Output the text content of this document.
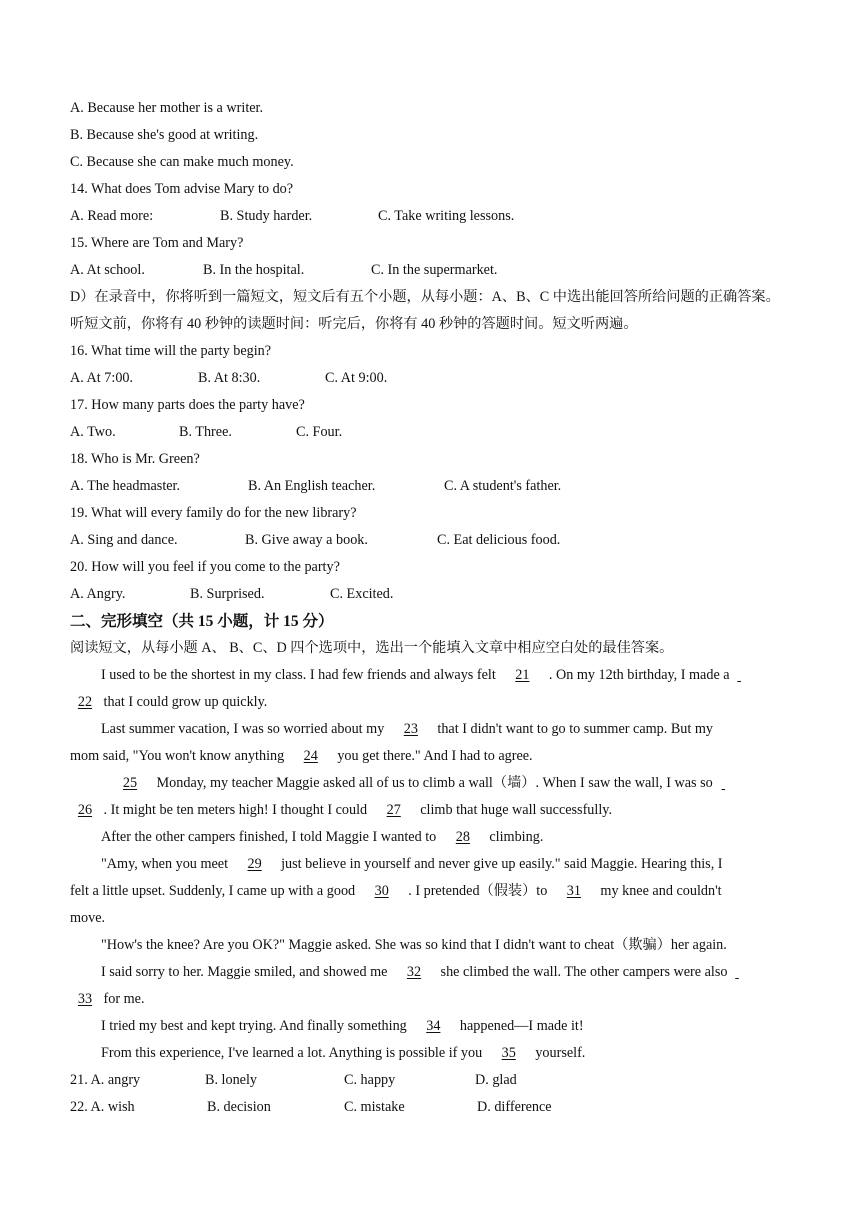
A. Because her mother is a writer.
B. Because she's good at writing.
C. Because she can make much money.
14. What does Tom advise Mary to do?
A. Read more:	B. Study harder.	C. Take writing lessons.
15. Where are Tom and Mary?
A. At school.	B. In the hospital.	C. In the supermarket.
D）在录音中，你将听到一篇短文，短文后有五个小题，从每小题：A、B、C 中选出能回答所给问题的正确答案。
听短文前，你将有 40 秒钟的读题时间：听完后，你将有 40 秒钟的答题时间。短文听两遍。
16. What time will the party begin?
A. At 7:00.	B. At 8:30.	C. At 9:00.
17. How many parts does the party have?
A. Two.	B. Three.	C. Four.
18. Who is Mr. Green?
A. The headmaster.	B. An English teacher.	C. A student's father.
19. What will every family do for the new library?
A. Sing and dance.	B. Give away a book.	C. Eat delicious food.
20. How will you feel if you come to the party?
A. Angry.	B. Surprised.	C. Excited.
二、完形填空（共 15 小题，计 15 分）
阅读短文，从每小题 A、 B、C、D 四个选项中，选出一个能填入文章中相应空白处的最佳答案。
I used to be the shortest in my class. I had few friends and always felt 21 . On my 12th birthday, I made a
22 that I could grow up quickly.
Last summer vacation, I was so worried about my 23 that I didn't want to go to summer camp. But my
mom said, "You won't know anything 24 you get there." And I had to agree.
25 Monday, my teacher Maggie asked all of us to climb a wall（墙）. When I saw the wall, I was so
26 . It might be ten meters high! I thought I could 27 climb that huge wall successfully.
After the other campers finished, I told Maggie I wanted to 28 climbing.
"Amy, when you meet 29 just believe in yourself and never give up easily." said Maggie. Hearing this, I
felt a little upset. Suddenly, I came up with a good 30 . I pretended（假装）to 31 my knee and couldn't
move.
"How's the knee? Are you OK?" Maggie asked. She was so kind that I didn't want to cheat（欺骗）her again.
I said sorry to her. Maggie smiled, and showed me 32 she climbed the wall. The other campers were also
33 for me.
I tried my best and kept trying. And finally something 34 happened—I made it!
From this experience, I've learned a lot. Anything is possible if you 35 yourself.
21. A. angry	B. lonely	C. happy	D. glad
22. A. wish	B. decision	C. mistake	D. difference
